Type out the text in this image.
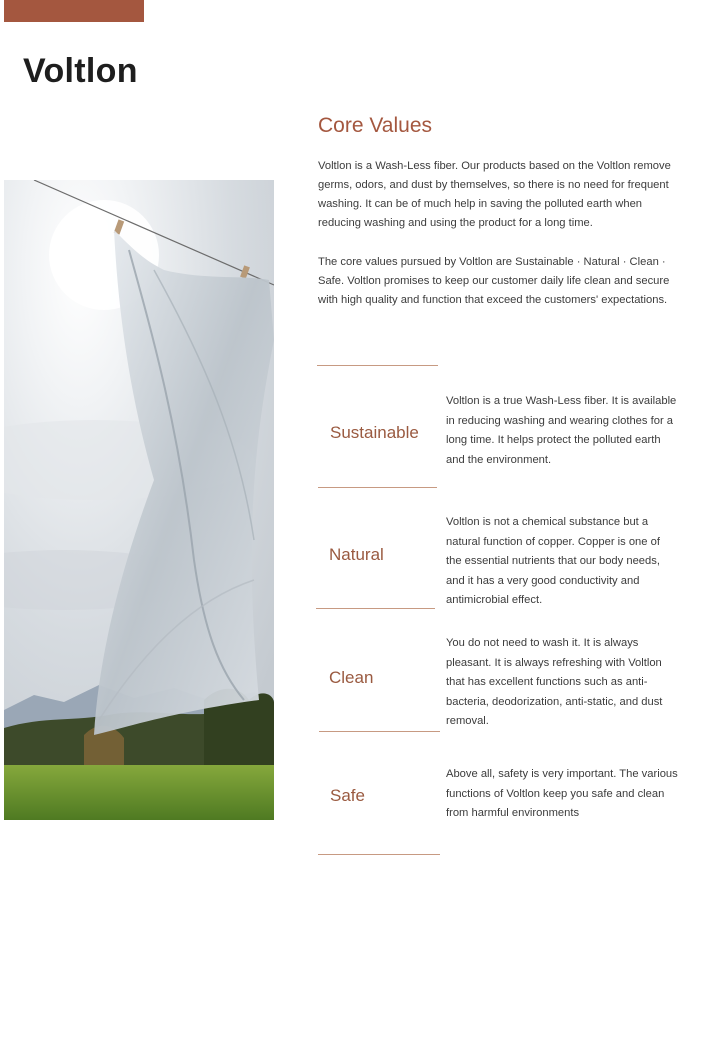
Voltlon
Core Values

Voltlon is a Wash-Less fiber. Our products based on the Voltlon remove germs, odors, and dust by themselves, so there is no need for frequent washing. It can be of much help in saving the polluted earth when reducing washing and using the product for a long time.

The core values pursued by Voltlon are Sustainable · Natural · Clean · Safe. Voltlon promises to keep our customer daily life clean and secure with high quality and function that exceed the customers' expectations.

Sustainable

Voltlon is a true Wash-Less fiber. It is available in reducing washing and wearing clothes for a long time. It helps protect the polluted earth and the environment.

Natural

Voltlon is not a chemical substance but a natural function of copper. Copper is one of the essential nutrients that our body needs, and it has a very good conductivity and antimicrobial effect.

Clean

You do not need to wash it. It is always pleasant. It is always refreshing with Voltlon that has excellent functions such as anti-bacteria, deodorization, anti-static, and dust removal.

Safe

Above all, safety is very important. The various functions of Voltlon keep you safe and clean from harmful environments
